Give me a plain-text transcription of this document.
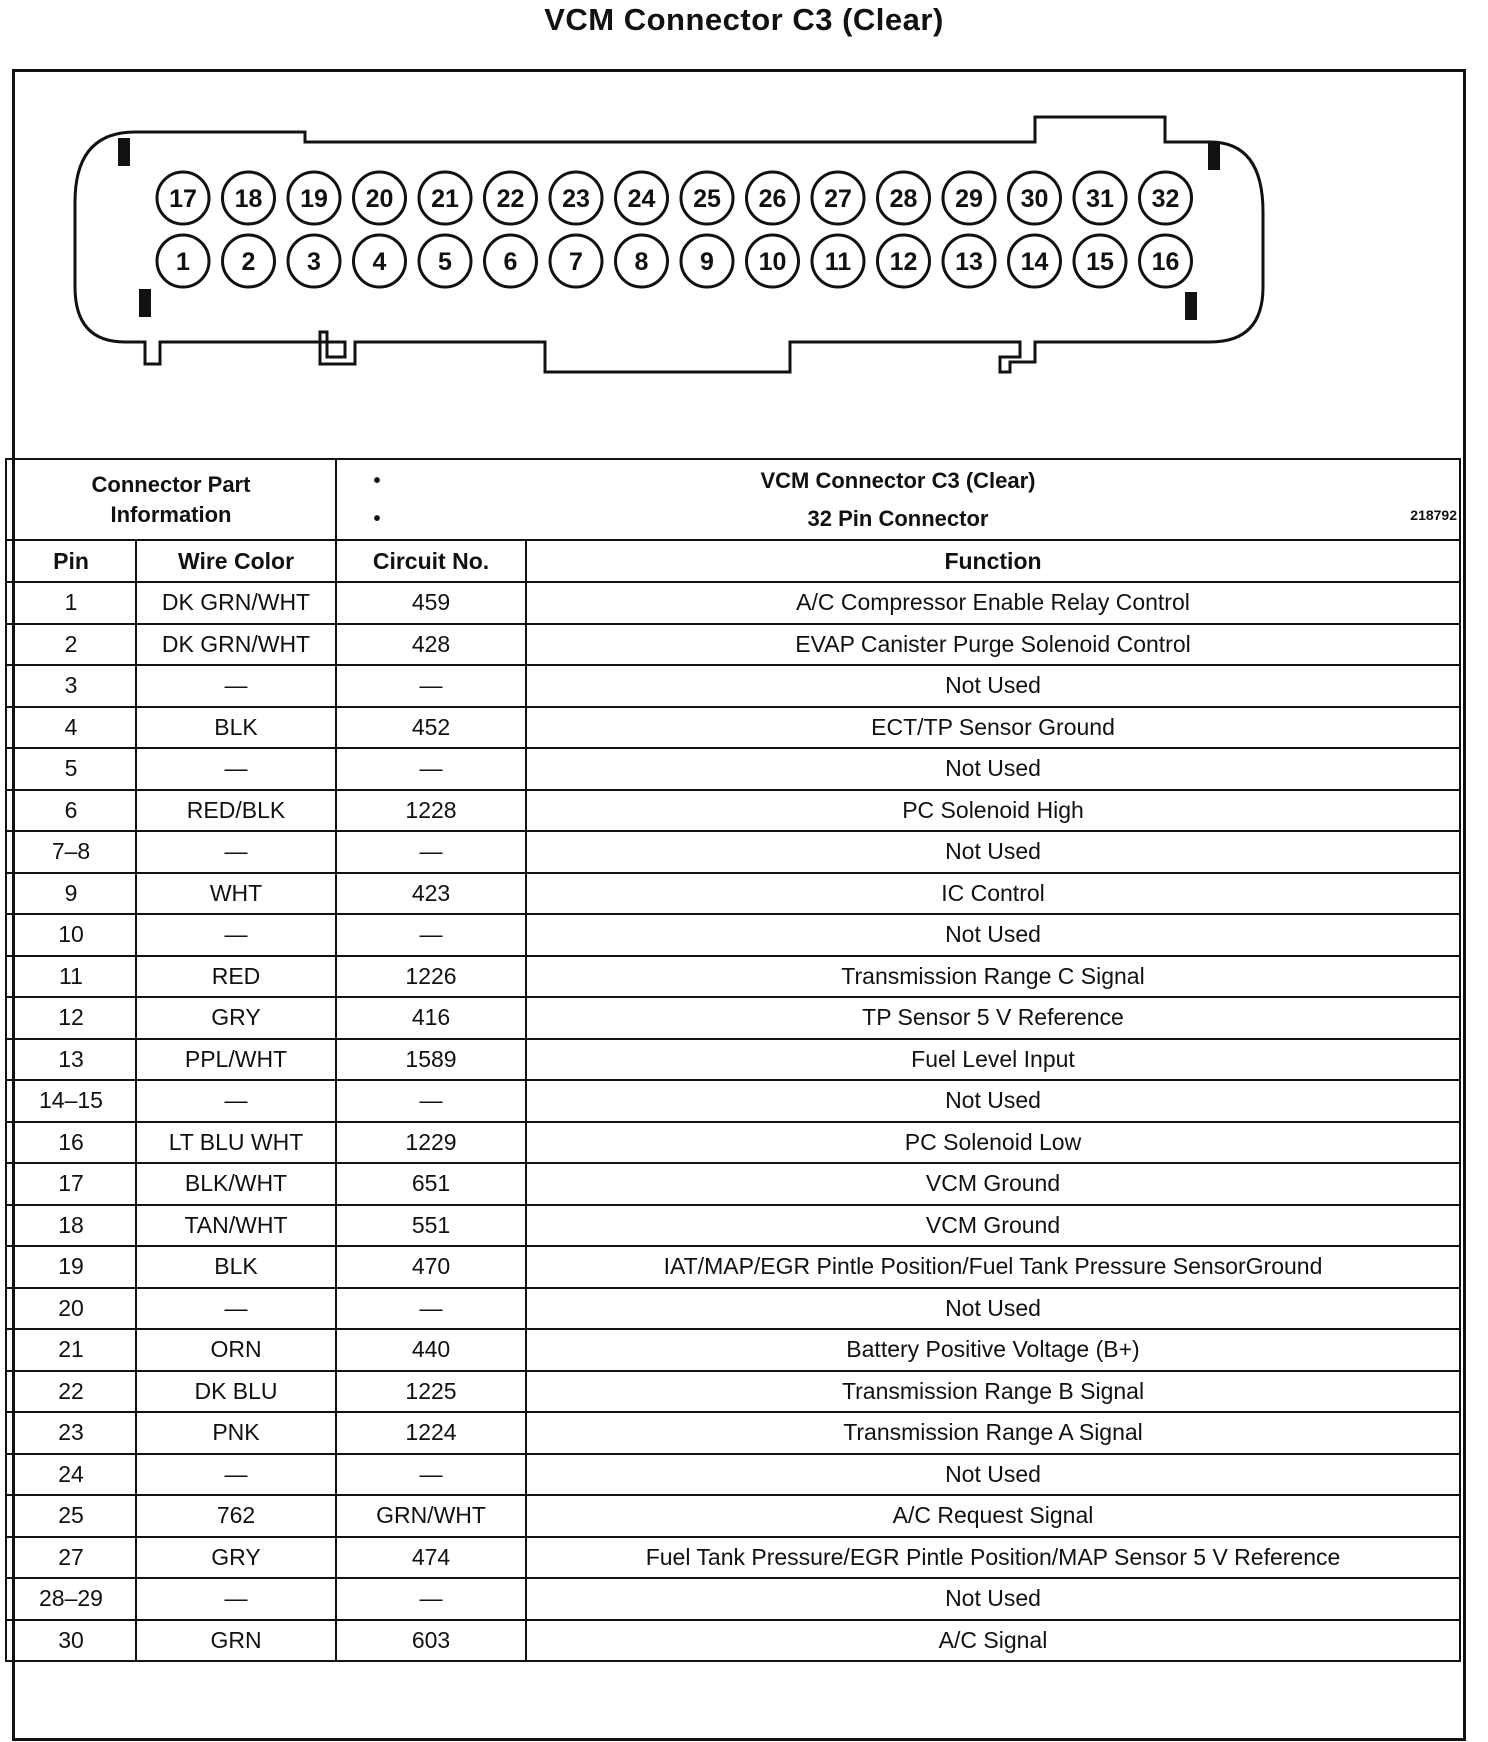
VCM Connector C3 (Clear)
17 18 19 20 21 22 23 24 25 26 27 28 29 30 31 32
1 2 3 4 5 6 7 8 9 10 11 12 13 14 15 16
218792
Connector Part Information		•
•
VCM Connector C3 (Clear)
32 Pin Connector	

Pin	Wire Color	Circuit No.	Function
1	DK GRN/WHT	459	A/C Compressor Enable Relay Control
2	DK GRN/WHT	428	EVAP Canister Purge Solenoid Control
3	—	—	Not Used
4	BLK	452	ECT/TP Sensor Ground
5	—	—	Not Used
6	RED/BLK	1228	PC Solenoid High
7–8	—	—	Not Used
9	WHT	423	IC Control
10	—	—	Not Used
11	RED	1226	Transmission Range C Signal
12	GRY	416	TP Sensor 5 V Reference
13	PPL/WHT	1589	Fuel Level Input
14–15	—	—	Not Used
16	LT BLU WHT	1229	PC Solenoid Low
17	BLK/WHT	651	VCM Ground
18	TAN/WHT	551	VCM Ground
19	BLK	470	IAT/MAP/EGR Pintle Position/Fuel Tank Pressure SensorGround
20	—	—	Not Used
21	ORN	440	Battery Positive Voltage (B+)
22	DK BLU	1225	Transmission Range B Signal
23	PNK	1224	Transmission Range A Signal
24	—	—	Not Used
25	762	GRN/WHT	A/C Request Signal
27	GRY	474	Fuel Tank Pressure/EGR Pintle Position/MAP Sensor 5 V Reference
28–29	—	—	Not Used
30	GRN	603	A/C Signal
